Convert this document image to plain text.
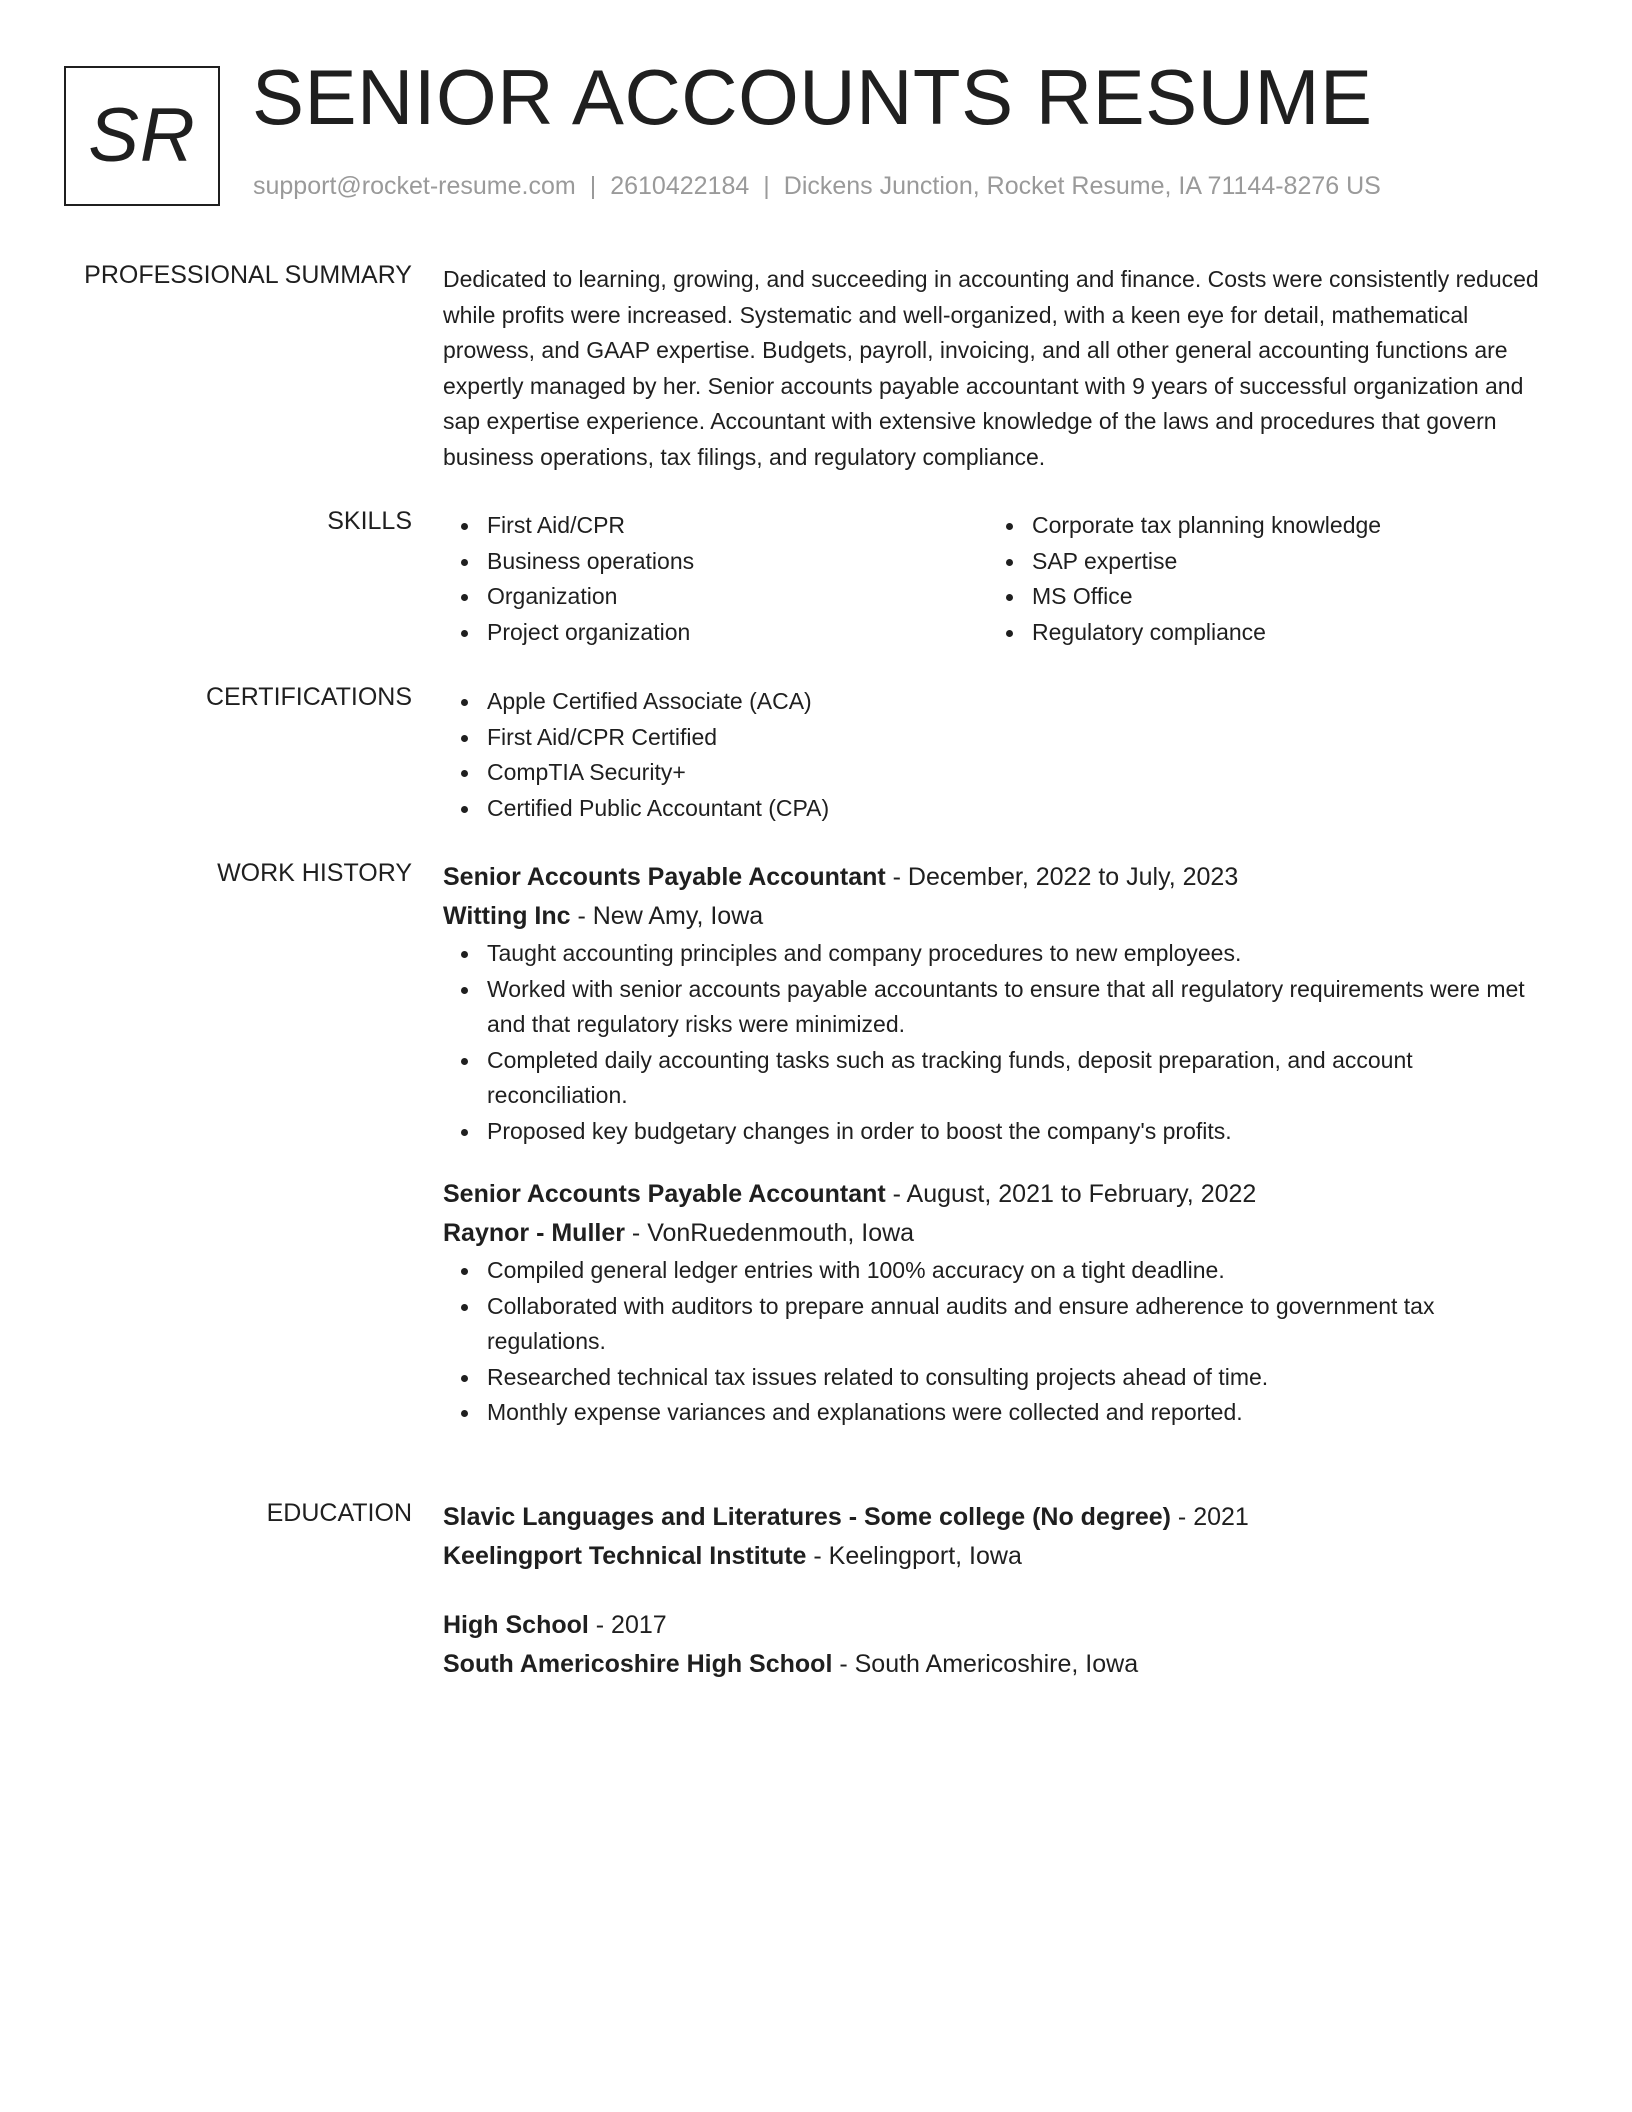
SR SENIOR ACCOUNTS RESUME
support@rocket-resume.com | 2610422184 | Dickens Junction, Rocket Resume, IA 71144-8276 US
PROFESSIONAL SUMMARY Dedicated to learning, growing, and succeeding in accounting and finance. Costs were consistently reduced while profits were increased. Systematic and well-organized, with a keen eye for detail, mathematical prowess, and GAAP expertise. Budgets, payroll, invoicing, and all other general accounting functions are expertly managed by her. Senior accounts payable accountant with 9 years of successful organization and sap expertise experience. Accountant with extensive knowledge of the laws and procedures that govern business operations, tax filings, and regulatory compliance.
SKILLS	First Aid/CPR
Business operations
Organization
Project organization
Corporate tax planning knowledge
SAP expertise
MS Office
Regulatory compliance
CERTIFICATIONS	Apple Certified Associate (ACA)
First Aid/CPR Certified
CompTIA Security+
Certified Public Accountant (CPA)
WORK HISTORY Senior Accounts Payable Accountant - December, 2022 to July, 2023
Witting Inc - New Amy, Iowa
Taught accounting principles and company procedures to new employees.
Worked with senior accounts payable accountants to ensure that all regulatory requirements were met and that regulatory risks were minimized.
Completed daily accounting tasks such as tracking funds, deposit preparation, and account reconciliation.
Proposed key budgetary changes in order to boost the company's profits.
Senior Accounts Payable Accountant - August, 2021 to February, 2022
Raynor - Muller - VonRuedenmouth, Iowa
Compiled general ledger entries with 100% accuracy on a tight deadline.
Collaborated with auditors to prepare annual audits and ensure adherence to government tax regulations.
Researched technical tax issues related to consulting projects ahead of time.
Monthly expense variances and explanations were collected and reported.
EDUCATION Slavic Languages and Literatures - Some college (No degree) - 2021
Keelingport Technical Institute - Keelingport, Iowa
High School - 2017
South Americoshire High School - South Americoshire, Iowa
